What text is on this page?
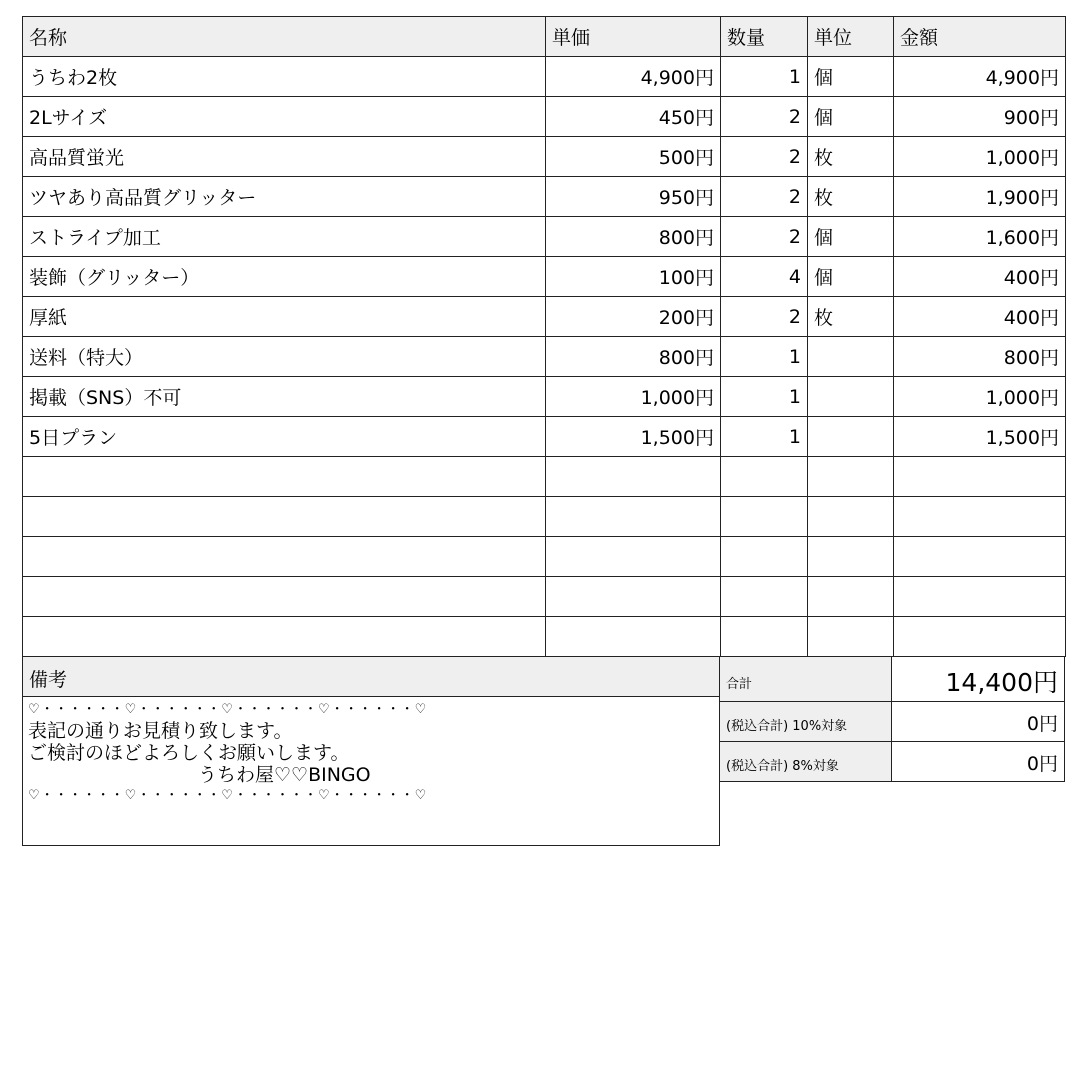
名称	単価	数量	単位	金額
うちわ2枚	4,900円	1	個	4,900円
2Lサイズ	450円	2	個	900円
高品質蛍光	500円	2	枚	1,000円
ツヤあり高品質グリッター	950円	2	枚	1,900円
ストライプ加工	800円	2	個	1,600円
装飾（グリッター）	100円	4	個	400円
厚紙	200円	2	枚	400円
送料（特大）	800円	1		800円
掲載（SNS）不可	1,000円	1		1,000円
5日プラン	1,500円	1		1,500円

備考
♡・・・・・・♡・・・・・・♡・・・・・・♡・・・・・・♡
表記の通りお見積り致します。
ご検討のほどよろしくお願いします。
うちわ屋♡♡BINGO
♡・・・・・・♡・・・・・・♡・・・・・・♡・・・・・・♡
合計	14,400円
(税込合計) 10%対象	0円
(税込合計) 8%対象	0円
